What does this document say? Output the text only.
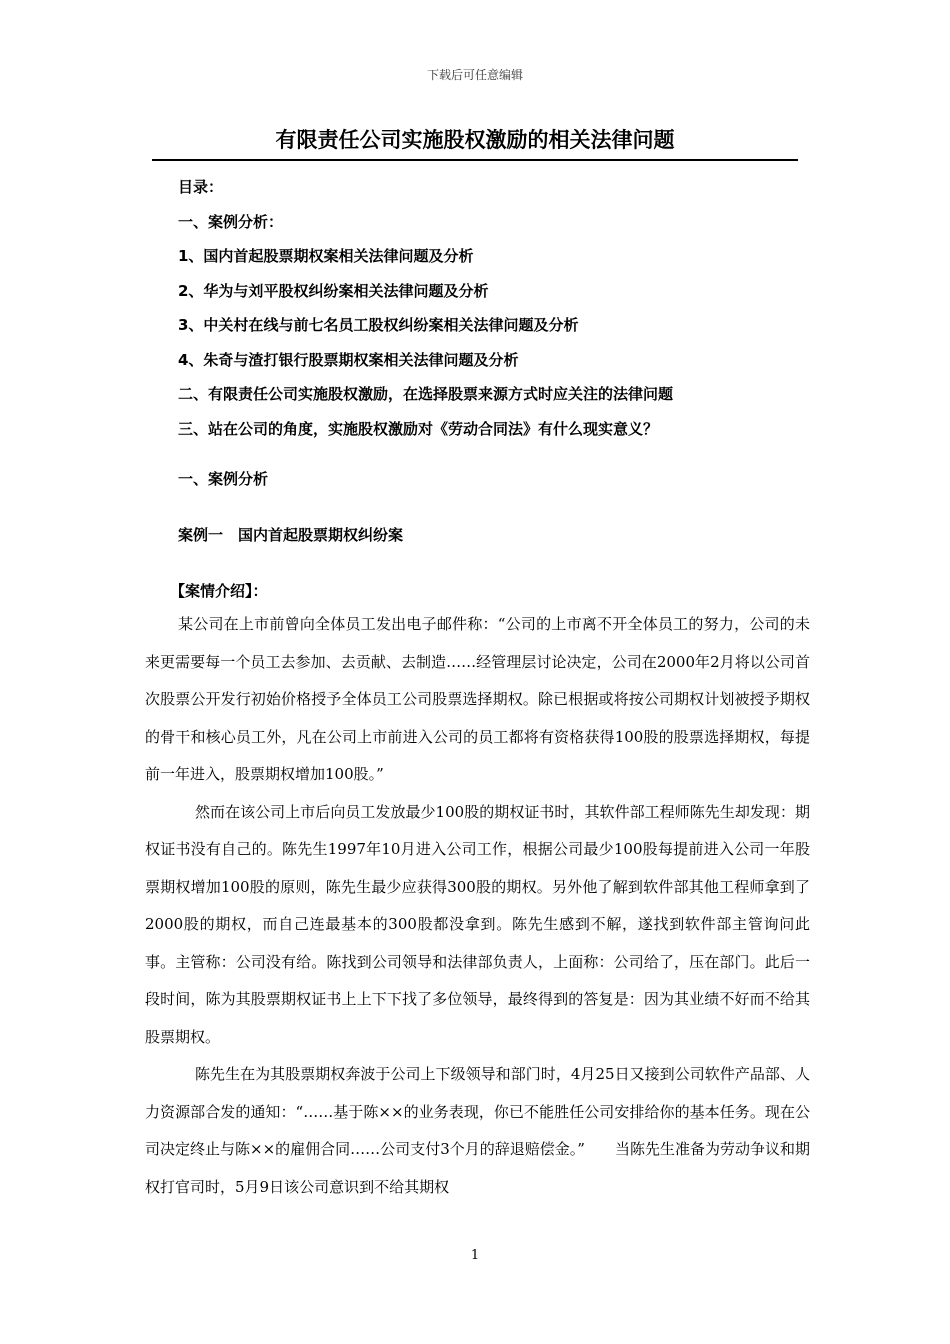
下载后可任意编辑
有限责任公司实施股权激励的相关法律问题
目录：
一、案例分析：
1、国内首起股票期权案相关法律问题及分析
2、华为与刘平股权纠纷案相关法律问题及分析
3、中关村在线与前七名员工股权纠纷案相关法律问题及分析
4、朱奇与渣打银行股票期权案相关法律问题及分析
二、有限责任公司实施股权激励，在选择股票来源方式时应关注的法律问题
三、站在公司的角度，实施股权激励对《劳动合同法》有什么现实意义？
一、案例分析
案例一　国内首起股票期权纠纷案
【案情介绍】：

某公司在上市前曾向全体员工发出电子邮件称：“公司的上市离不开全体员工的努力，公司的未来更需要每一个员工去参加、去贡献、去制造……经管理层讨论决定，公司在2000年2月将以公司首次股票公开发行初始价格授予全体员工公司股票选择期权。除已根据或将按公司期权计划被授予期权的骨干和核心员工外，凡在公司上市前进入公司的员工都将有资格获得100股的股票选择期权，每提前一年进入，股票期权增加100股。”

然而在该公司上市后向员工发放最少100股的期权证书时，其软件部工程师陈先生却发现：期权证书没有自己的。陈先生1997年10月进入公司工作，根据公司最少100股每提前进入公司一年股票期权增加100股的原则，陈先生最少应获得300股的期权。另外他了解到软件部其他工程师拿到了2000股的期权，而自己连最基本的300股都没拿到。陈先生感到不解，遂找到软件部主管询问此事。主管称：公司没有给。陈找到公司领导和法律部负责人，上面称：公司给了，压在部门。此后一段时间，陈为其股票期权证书上上下下找了多位领导，最终得到的答复是：因为其业绩不好而不给其股票期权。

陈先生在为其股票期权奔波于公司上下级领导和部门时，4月25日又接到公司软件产品部、人力资源部合发的通知：“……基于陈××的业务表现，你已不能胜任公司安排给你的基本任务。现在公司决定终止与陈××的雇佣合同……公司支付3个月的辞退赔偿金。”　　当陈先生准备为劳动争议和期权打官司时，5月9日该公司意识到不给其期权

1
